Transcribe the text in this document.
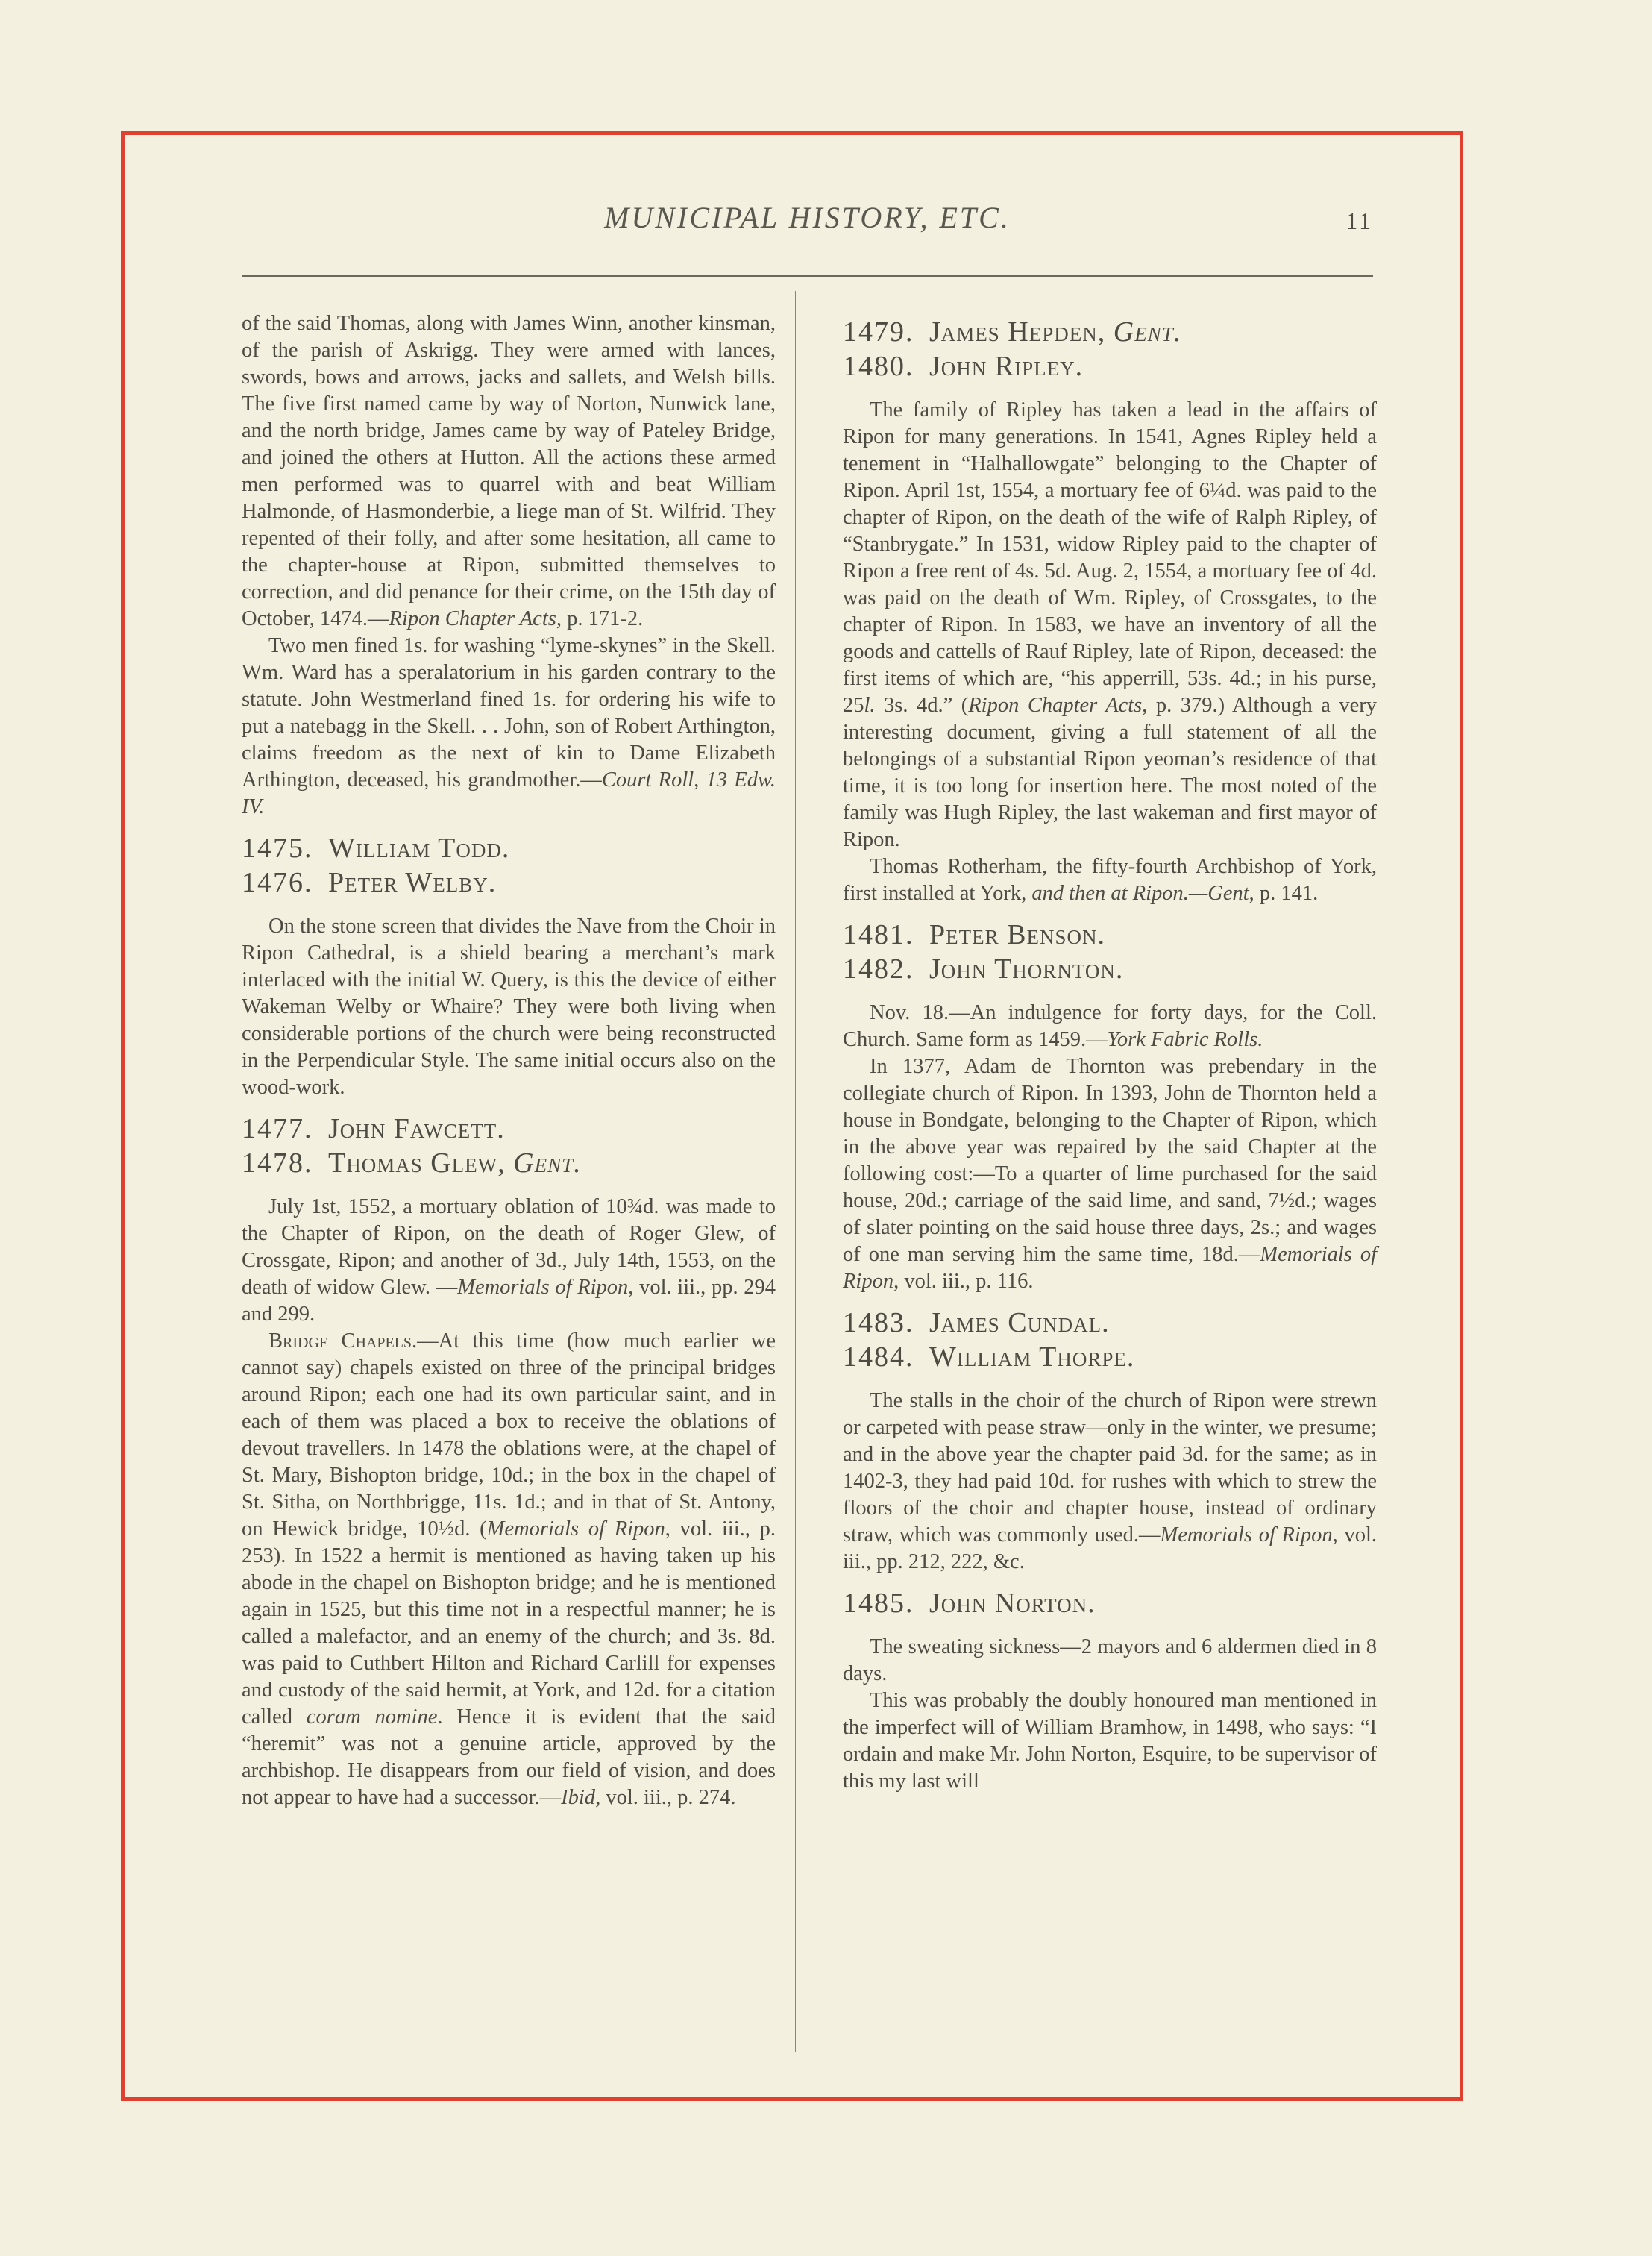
MUNICIPAL HISTORY, ETC.	11

of the said Thomas, along with James Winn, another kinsman, of the parish of Askrigg. They were armed with lances, swords, bows and arrows, jacks and sallets, and Welsh bills. The five first named came by way of Norton, Nunwick lane, and the north bridge, James came by way of Pateley Bridge, and joined the others at Hutton. All the actions these armed men performed was to quarrel with and beat William Halmonde, of Hasmonderbie, a liege man of St. Wilfrid. They repented of their folly, and after some hesitation, all came to the chapter-house at Ripon, submitted themselves to correction, and did penance for their crime, on the 15th day of October, 1474.—Ripon Chapter Acts, p. 171-2.

Two men fined 1s. for washing “lyme-skynes” in the Skell. Wm. Ward has a speralatorium in his garden contrary to the statute. John Westmerland fined 1s. for ordering his wife to put a natebagg in the Skell. . . John, son of Robert Arthington, claims freedom as the next of kin to Dame Elizabeth Arthington, deceased, his grandmother.—Court Roll, 13 Edw. IV.

1475. William Todd.
1476. Peter Welby.

On the stone screen that divides the Nave from the Choir in Ripon Cathedral, is a shield bearing a merchant’s mark interlaced with the initial W. Query, is this the device of either Wakeman Welby or Whaire? They were both living when considerable portions of the church were being reconstructed in the Perpendicular Style. The same initial occurs also on the wood-work.

1477. John Fawcett.
1478. Thomas Glew, Gent.

July 1st, 1552, a mortuary oblation of 10¾d. was made to the Chapter of Ripon, on the death of Roger Glew, of Crossgate, Ripon; and another of 3d., July 14th, 1553, on the death of widow Glew. —Memorials of Ripon, vol. iii., pp. 294 and 299.

Bridge Chapels.—At this time (how much earlier we cannot say) chapels existed on three of the principal bridges around Ripon; each one had its own particular saint, and in each of them was placed a box to receive the oblations of devout travellers. In 1478 the oblations were, at the chapel of St. Mary, Bishopton bridge, 10d.; in the box in the chapel of St. Sitha, on Northbrigge, 11s. 1d.; and in that of St. Antony, on Hewick bridge, 10½d. (Memorials of Ripon, vol. iii., p. 253). In 1522 a hermit is mentioned as having taken up his abode in the chapel on Bishopton bridge; and he is mentioned again in 1525, but this time not in a respectful manner; he is called a malefactor, and an enemy of the church; and 3s. 8d. was paid to Cuthbert Hilton and Richard Carlill for expenses and custody of the said hermit, at York, and 12d. for a citation called coram nomine. Hence it is evident that the said “heremit” was not a genuine article, approved by the archbishop. He disappears from our field of vision, and does not appear to have had a successor.—Ibid, vol. iii., p. 274.

1479. James Hepden, Gent.
1480. John Ripley.

The family of Ripley has taken a lead in the affairs of Ripon for many generations. In 1541, Agnes Ripley held a tenement in “Halhallowgate” belonging to the Chapter of Ripon. April 1st, 1554, a mortuary fee of 6¼d. was paid to the chapter of Ripon, on the death of the wife of Ralph Ripley, of “Stanbrygate.” In 1531, widow Ripley paid to the chapter of Ripon a free rent of 4s. 5d. Aug. 2, 1554, a mortuary fee of 4d. was paid on the death of Wm. Ripley, of Crossgates, to the chapter of Ripon. In 1583, we have an inventory of all the goods and cattells of Rauf Ripley, late of Ripon, deceased: the first items of which are, “his apperrill, 53s. 4d.; in his purse, 25l. 3s. 4d.” (Ripon Chapter Acts, p. 379.) Although a very interesting document, giving a full statement of all the belongings of a substantial Ripon yeoman’s residence of that time, it is too long for insertion here. The most noted of the family was Hugh Ripley, the last wakeman and first mayor of Ripon.

Thomas Rotherham, the fifty-fourth Archbishop of York, first installed at York, and then at Ripon.—Gent, p. 141.

1481. Peter Benson.
1482. John Thornton.

Nov. 18.—An indulgence for forty days, for the Coll. Church. Same form as 1459.—York Fabric Rolls.

In 1377, Adam de Thornton was prebendary in the collegiate church of Ripon. In 1393, John de Thornton held a house in Bondgate, belonging to the Chapter of Ripon, which in the above year was repaired by the said Chapter at the following cost:—To a quarter of lime purchased for the said house, 20d.; carriage of the said lime, and sand, 7½d.; wages of slater pointing on the said house three days, 2s.; and wages of one man serving him the same time, 18d.—Memorials of Ripon, vol. iii., p. 116.

1483. James Cundal.
1484. William Thorpe.

The stalls in the choir of the church of Ripon were strewn or carpeted with pease straw—only in the winter, we presume; and in the above year the chapter paid 3d. for the same; as in 1402-3, they had paid 10d. for rushes with which to strew the floors of the choir and chapter house, instead of ordinary straw, which was commonly used.—Memorials of Ripon, vol. iii., pp. 212, 222, &c.

1485. John Norton.

The sweating sickness—2 mayors and 6 aldermen died in 8 days.

This was probably the doubly honoured man mentioned in the imperfect will of William Bramhow, in 1498, who says: “I ordain and make Mr. John Norton, Esquire, to be supervisor of this my last will
